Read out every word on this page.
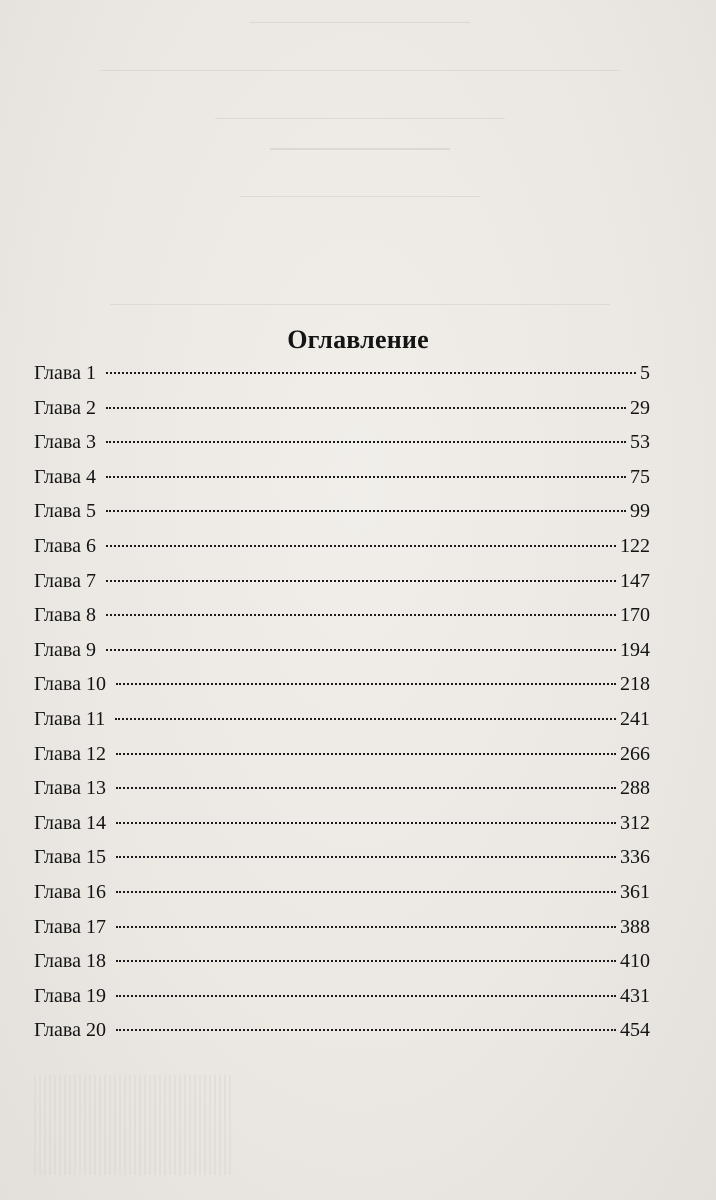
Оглавление
Глава 1	5
Глава 2	29
Глава 3	53
Глава 4	75
Глава 5	99
Глава 6	122
Глава 7	147
Глава 8	170
Глава 9	194
Глава 10	218
Глава 11	241
Глава 12	266
Глава 13	288
Глава 14	312
Глава 15	336
Глава 16	361
Глава 17	388
Глава 18	410
Глава 19	431
Глава 20	454
